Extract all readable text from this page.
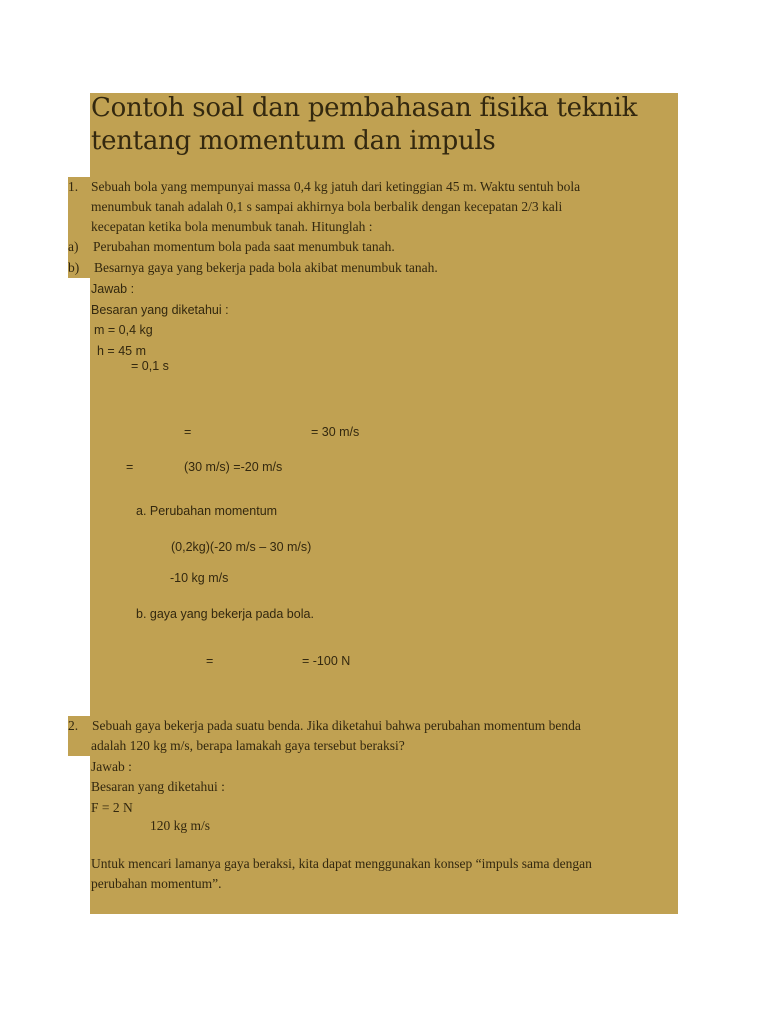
Contoh soal dan pembahasan fisika teknik tentang momentum dan impuls
1. Sebuah bola yang mempunyai massa 0,4 kg jatuh dari ketinggian 45 m. Waktu sentuh bola
menumbuk tanah adalah 0,1 s sampai akhirnya bola berbalik dengan kecepatan 2/3 kali
kecepatan ketika bola menumbuk tanah. Hitunglah :
a) Perubahan momentum bola pada saat menumbuk tanah.
b) Besarnya gaya yang bekerja pada bola akibat menumbuk tanah.
Jawab :
Besaran yang diketahui :
m = 0,4 kg
h = 45 m
= 0,1 s
=	= 30 m/s
=	(30 m/s) =-20 m/s
a. Perubahan momentum
(0,2kg)(-20 m/s – 30 m/s)
-10 kg m/s
b. gaya yang bekerja pada bola.
=	= -100 N
2. Sebuah gaya bekerja pada suatu benda. Jika diketahui bahwa perubahan momentum benda
adalah 120 kg m/s, berapa lamakah gaya tersebut beraksi?
Jawab :
Besaran yang diketahui :
F = 2 N
120 kg m/s
Untuk mencari lamanya gaya beraksi, kita dapat menggunakan konsep “impuls sama dengan
perubahan momentum”.
